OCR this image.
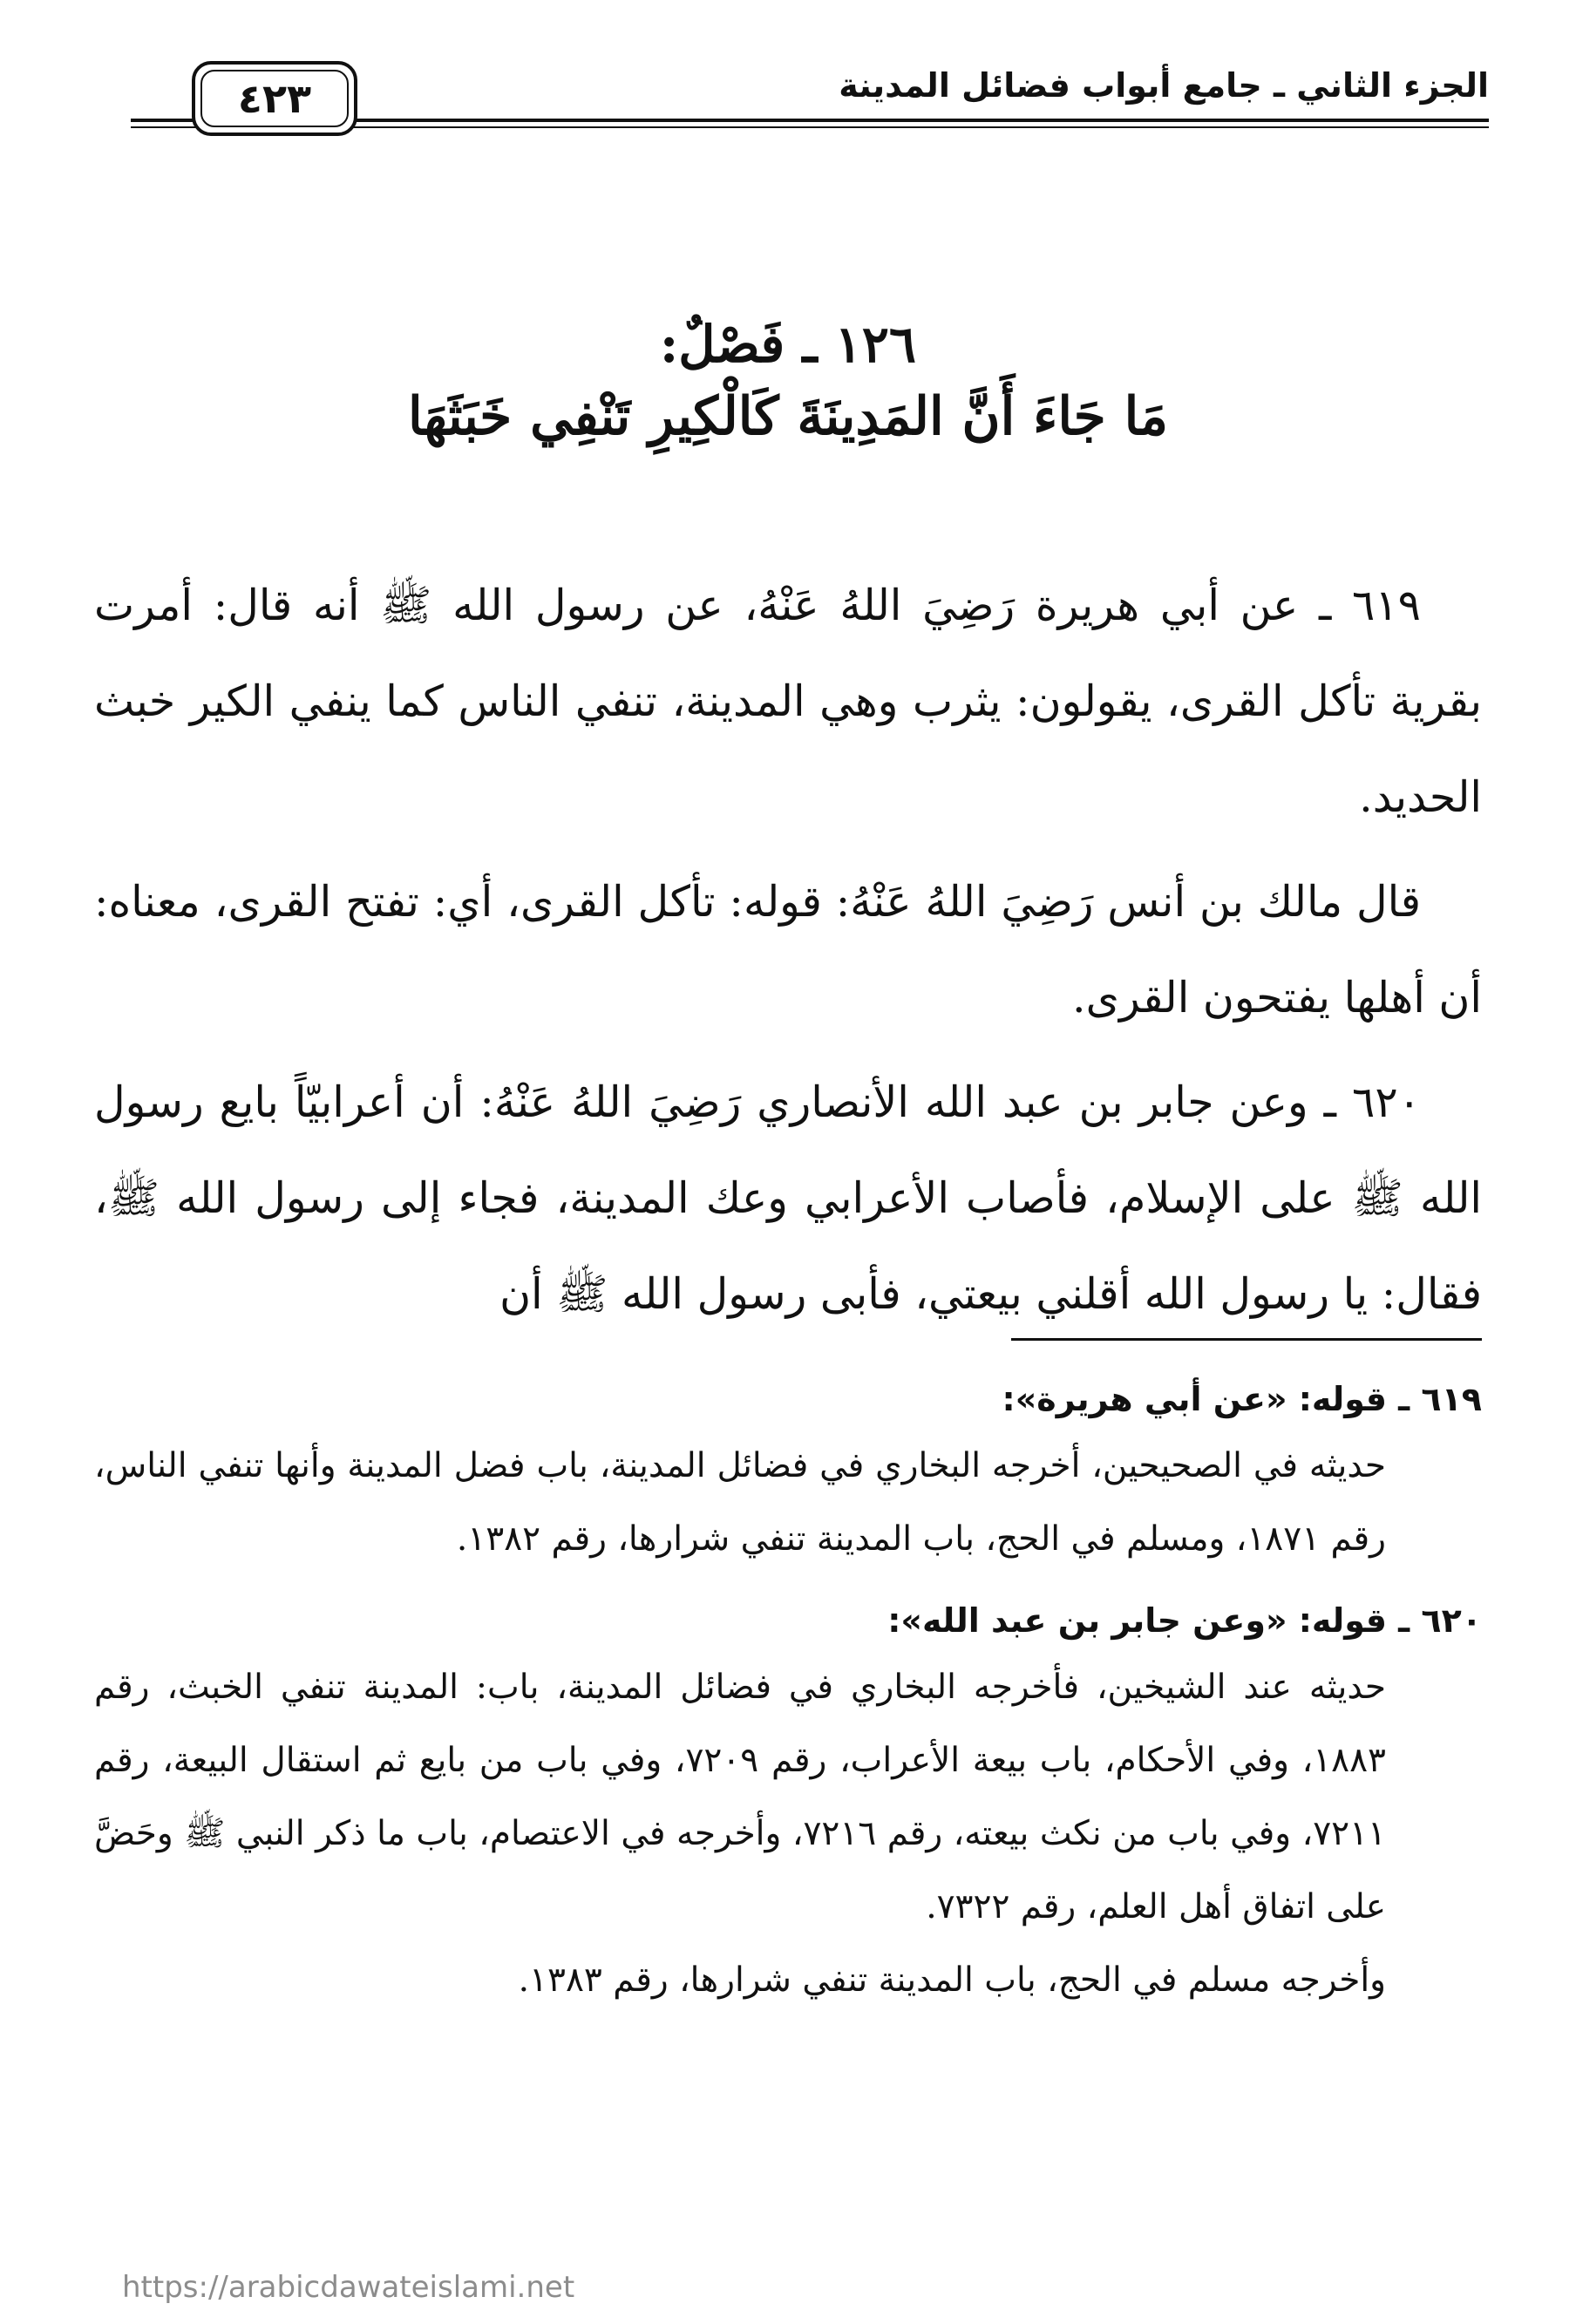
الجزء الثاني ـ جامع أبواب فضائل المدينة
٤٢٣
١٢٦ ـ فَصْلٌ:
مَا جَاءَ أَنَّ المَدِينَةَ كَالْكِيرِ تَنْفِي خَبَثَهَا

٦١٩ ـ عن أبي هريرة رَضِيَ اللهُ عَنْهُ، عن رسول الله ﷺ أنه قال: أمرت بقرية تأكل القرى، يقولون: يثرب وهي المدينة، تنفي الناس كما ينفي الكير خبث الحديد.

قال مالك بن أنس رَضِيَ اللهُ عَنْهُ: قوله: تأكل القرى، أي: تفتح القرى، معناه: أن أهلها يفتحون القرى.

٦٢٠ ـ وعن جابر بن عبد الله الأنصاري رَضِيَ اللهُ عَنْهُ: أن أعرابيّاً بايع رسول الله ﷺ على الإسلام، فأصاب الأعرابي وعك المدينة، فجاء إلى رسول الله ﷺ، فقال: يا رسول الله أقلني بيعتي، فأبى رسول الله ﷺ أن

٦١٩ ـ قوله: «عن أبي هريرة»:

حديثه في الصحيحين، أخرجه البخاري في فضائل المدينة، باب فضل المدينة وأنها تنفي الناس، رقم ١٨٧١، ومسلم في الحج، باب المدينة تنفي شرارها، رقم ١٣٨٢.

٦٢٠ ـ قوله: «وعن جابر بن عبد الله»:

حديثه عند الشيخين، فأخرجه البخاري في فضائل المدينة، باب: المدينة تنفي الخبث، رقم ١٨٨٣، وفي الأحكام، باب بيعة الأعراب، رقم ٧٢٠٩، وفي باب من بايع ثم استقال البيعة، رقم ٧٢١١، وفي باب من نكث بيعته، رقم ٧٢١٦، وأخرجه في الاعتصام، باب ما ذكر النبي ﷺ وحَضَّ على اتفاق أهل العلم، رقم ٧٣٢٢.

وأخرجه مسلم في الحج، باب المدينة تنفي شرارها، رقم ١٣٨٣.

https://arabicdawateislami.net
